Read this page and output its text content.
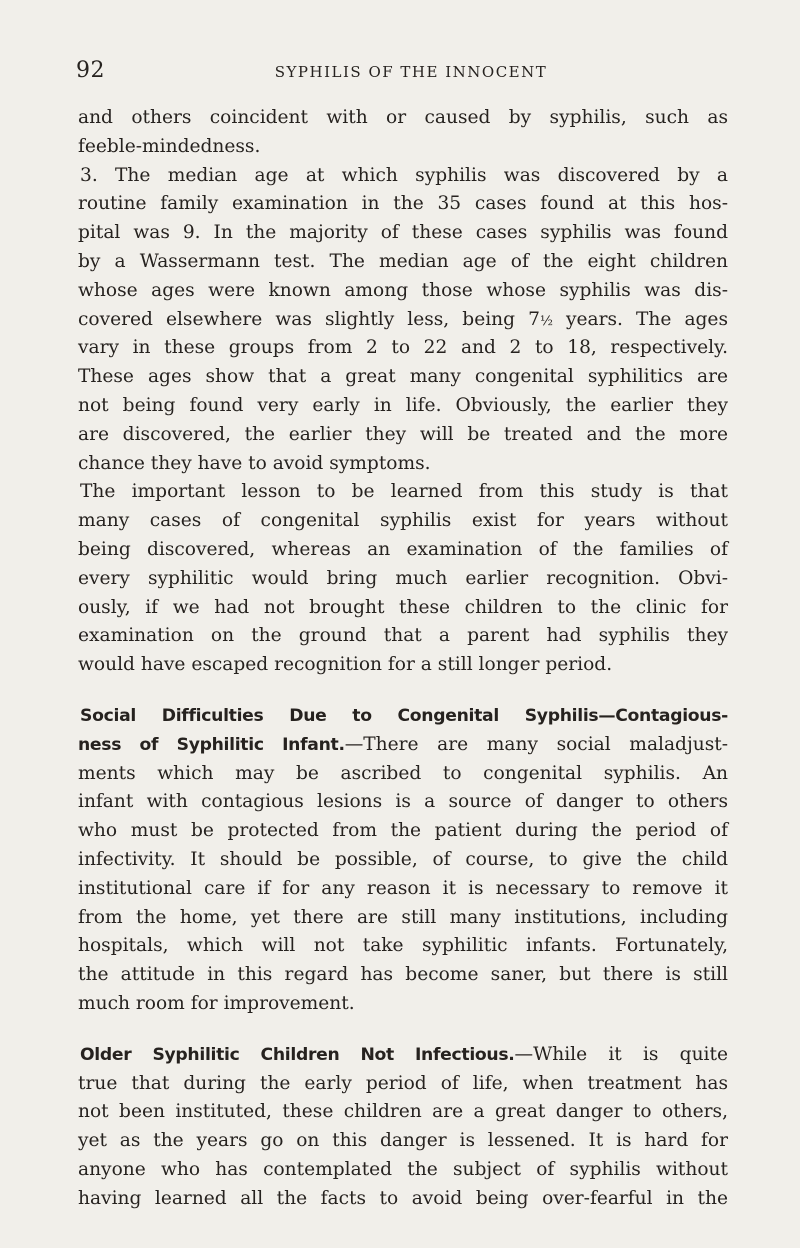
92	SYPHILIS OF THE INNOCENT
and others coincident with or caused by syphilis, such as
feeble-mindedness.
3. The median age at which syphilis was discovered by a
routine family examination in the 35 cases found at this hos-
pital was 9. In the majority of these cases syphilis was found
by a Wassermann test. The median age of the eight children
whose ages were known among those whose syphilis was dis-
covered elsewhere was slightly less, being 7½ years. The ages
vary in these groups from 2 to 22 and 2 to 18, respectively.
These ages show that a great many congenital syphilitics are
not being found very early in life. Obviously, the earlier they
are discovered, the earlier they will be treated and the more
chance they have to avoid symptoms.
The important lesson to be learned from this study is that
many cases of congenital syphilis exist for years without
being discovered, whereas an examination of the families of
every syphilitic would bring much earlier recognition. Obvi-
ously, if we had not brought these children to the clinic for
examination on the ground that a parent had syphilis they
would have escaped recognition for a still longer period.
Social Difficulties Due to Congenital Syphilis—Contagious-
ness of Syphilitic Infant.—There are many social maladjust-
ments which may be ascribed to congenital syphilis. An
infant with contagious lesions is a source of danger to others
who must be protected from the patient during the period of
infectivity. It should be possible, of course, to give the child
institutional care if for any reason it is necessary to remove it
from the home, yet there are still many institutions, including
hospitals, which will not take syphilitic infants. Fortunately,
the attitude in this regard has become saner, but there is still
much room for improvement.
Older Syphilitic Children Not Infectious.—While it is quite
true that during the early period of life, when treatment has
not been instituted, these children are a great danger to others,
yet as the years go on this danger is lessened. It is hard for
anyone who has contemplated the subject of syphilis without
having learned all the facts to avoid being over-fearful in the
